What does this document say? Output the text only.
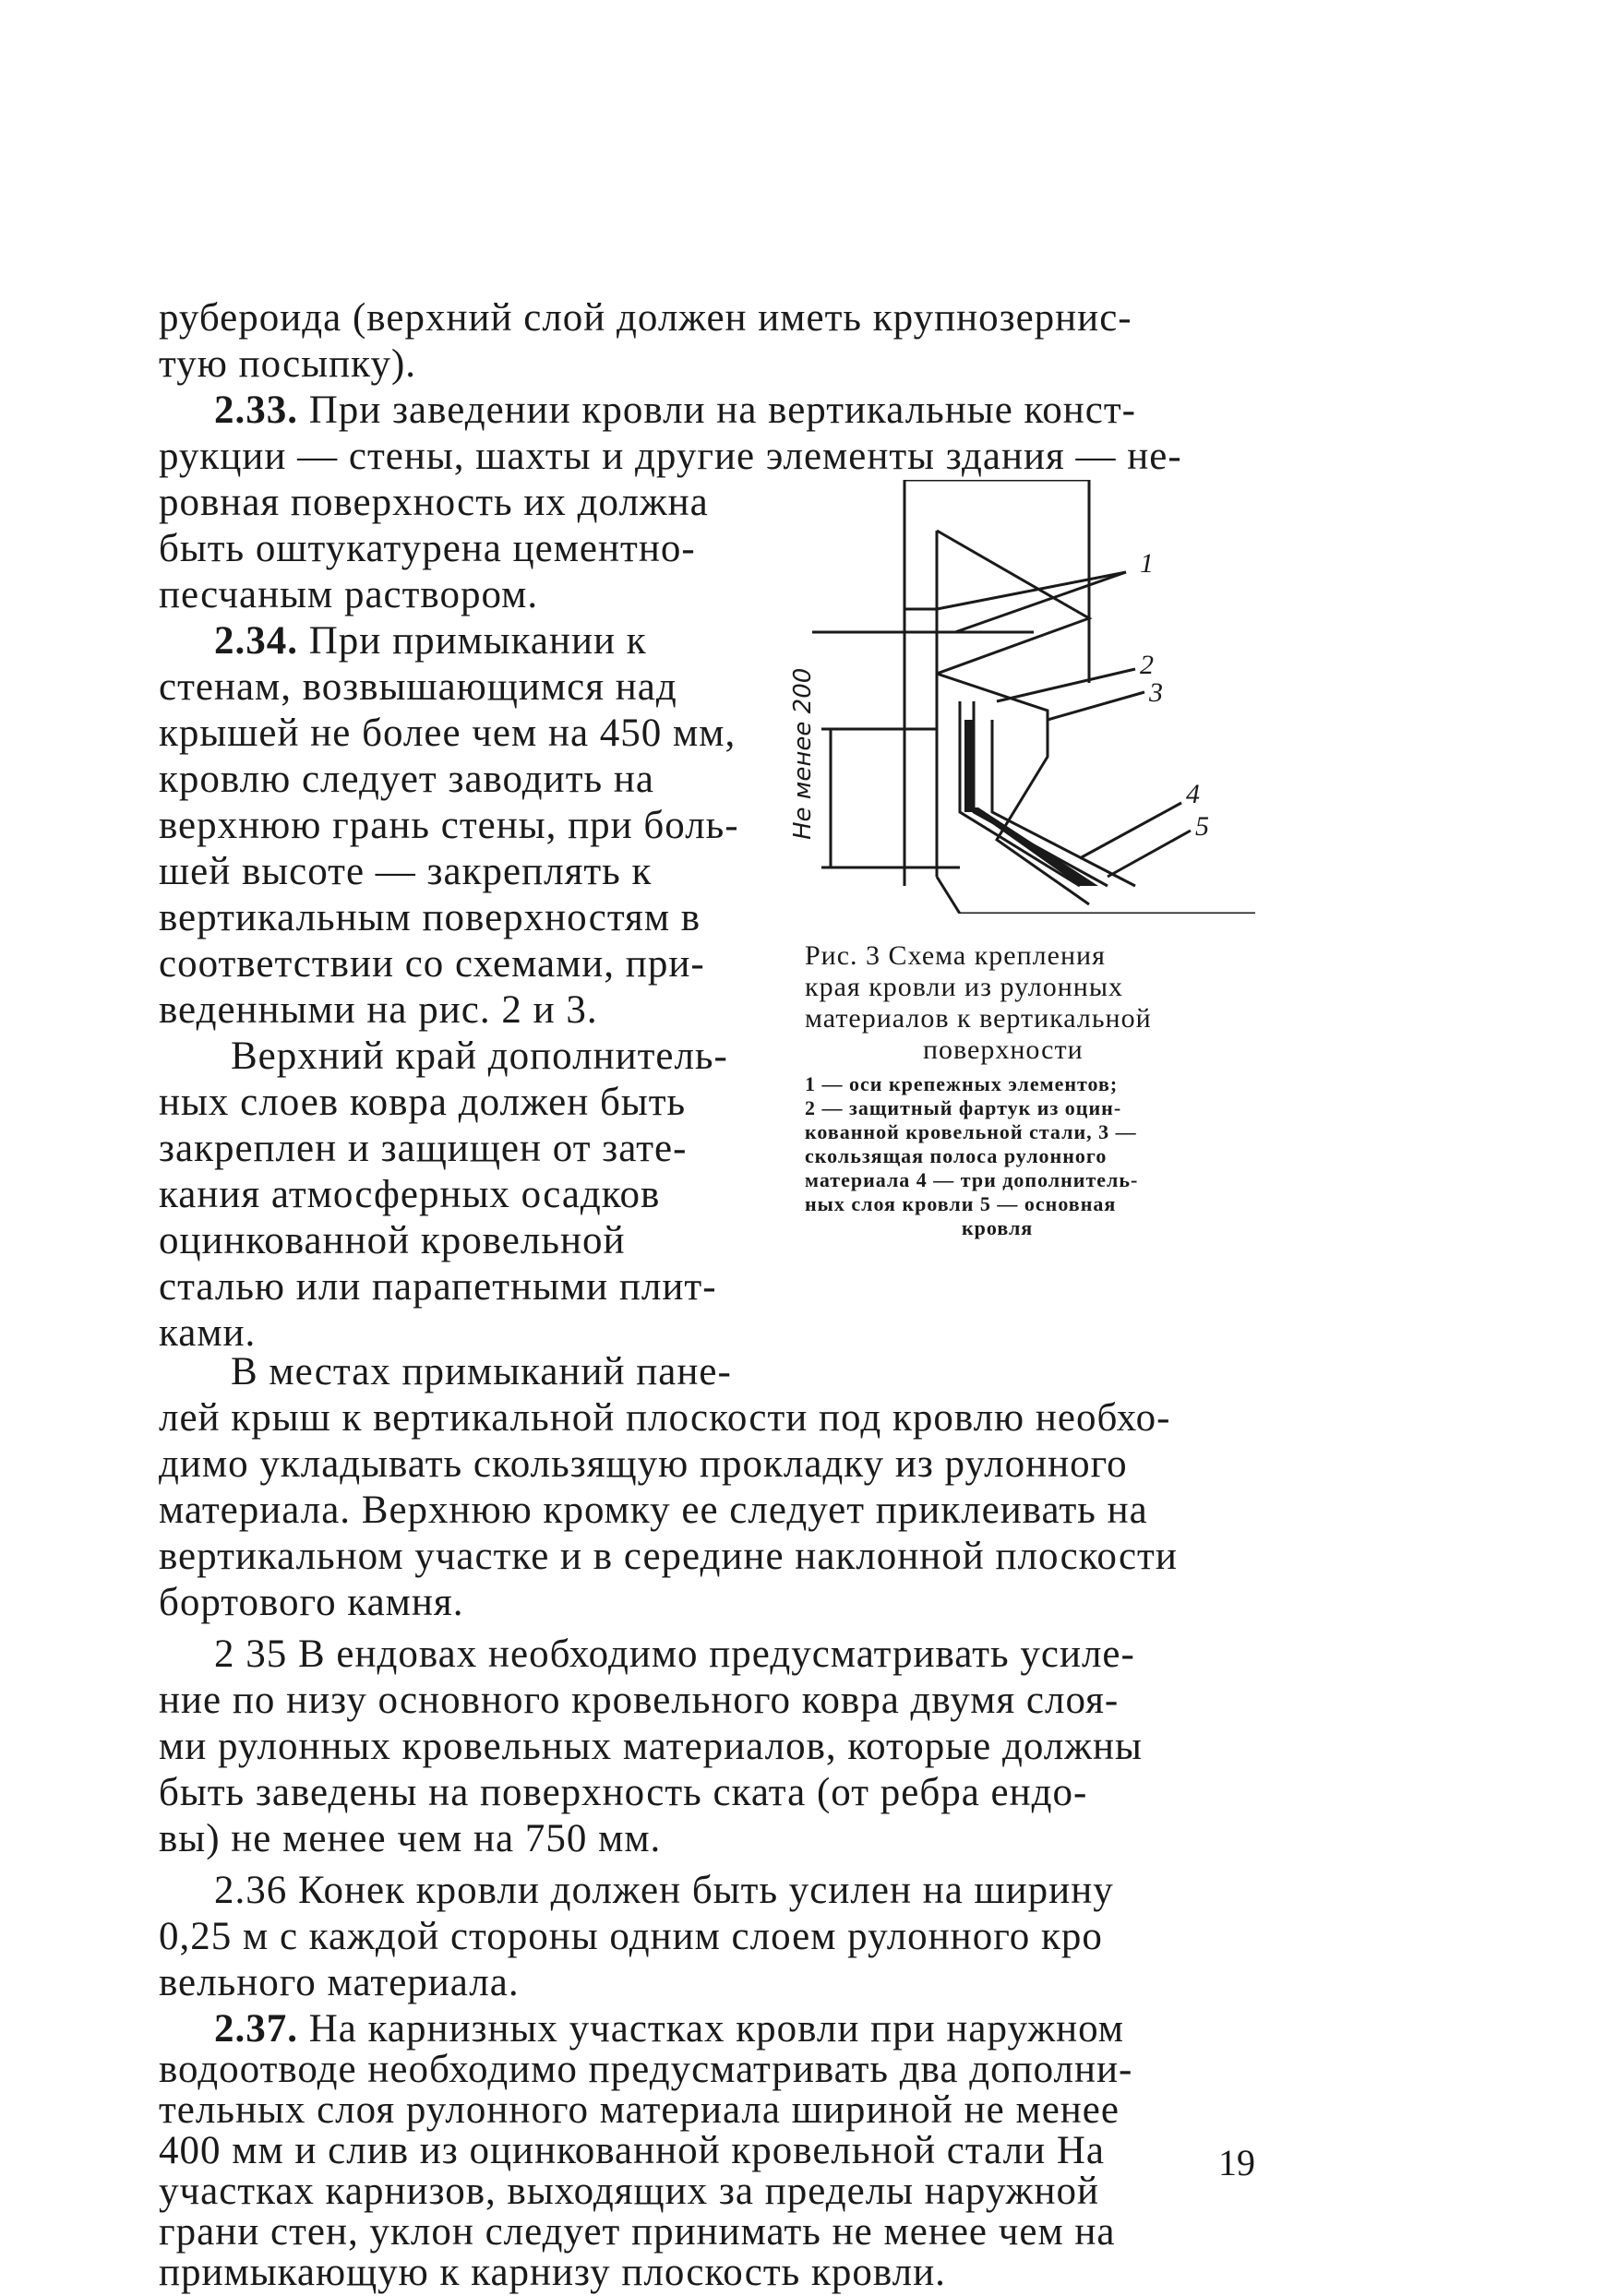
рубероида (верхний слой должен иметь крупнозернис-
тую посыпку).
2.33. При заведении кровли на вертикальные конст-
рукции — стены, шахты и другие элементы здания — не-
ровная поверхность их должна
быть оштукатурена цементно-
песчаным раствором.
2.34. При примыкании к
стенам, возвышающимся над
крышей не более чем на 450 мм,
кровлю следует заводить на
верхнюю грань стены, при боль-
шей высоте — закреплять к
вертикальным поверхностям в
соответствии со схемами, при-
веденными на рис. 2 и 3.
Верхний край дополнитель-
ных слоев ковра должен быть
закреплен и защищен от зате-
кания атмосферных осадков
оцинкованной кровельной
сталью или парапетными плит-
ками.
В местах примыканий пане-
лей крыш к вертикальной плоскости под кровлю необхо-
димо укладывать скользящую прокладку из рулонного
материала. Верхнюю кромку ее следует приклеивать на
вертикальном участке и в середине наклонной плоскости
бортового камня.
2 35 В ендовах необходимо предусматривать усиле-
ние по низу основного кровельного ковра двумя слоя-
ми рулонных кровельных материалов, которые должны
быть заведены на поверхность ската (от ребра ендо-
вы) не менее чем на 750 мм.
2.36 Конек кровли должен быть усилен на ширину
0,25 м с каждой стороны одним слоем рулонного кро
вельного материала.
2.37. На карнизных участках кровли при наружном
водоотводе необходимо предусматривать два дополни-
тельных слоя рулонного материала шириной не менее
400 мм и слив из оцинкованной кровельной стали На
участках карнизов, выходящих за пределы наружной
грани стен, уклон следует принимать не менее чем на
Не менее 200
1
2
3
4
5
Рис. 3 Схема крепления
края кровли из рулонных
материалов к вертикальной
поверхности
1 — оси крепежных элементов;
2 — защитный фартук из оцин-
кованной кровельной стали, 3 —
скользящая полоса рулонного
материала 4 — три дополнитель-
ных слоя кровли 5 — основная
кровля
19
примыкающую к карнизу плоскость кровли.
